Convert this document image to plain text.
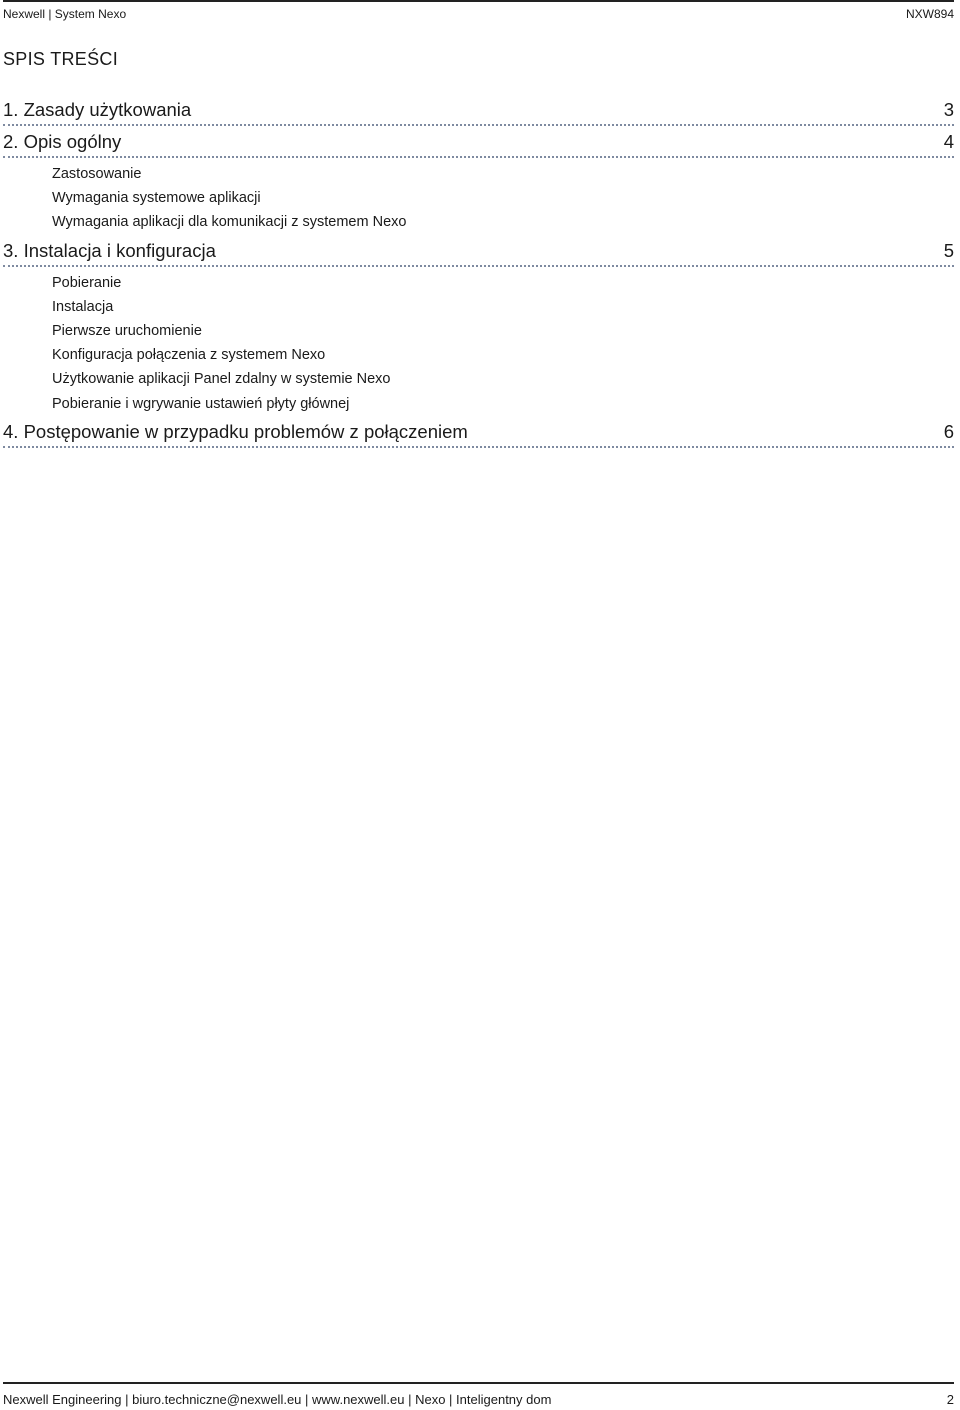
Nexwell | System Nexo	NXW894
SPIS TREŚCI
1. Zasady użytkowania	3
2. Opis ogólny	4
Zastosowanie
Wymagania systemowe aplikacji
Wymagania aplikacji dla komunikacji z systemem Nexo
3. Instalacja i konfiguracja	5
Pobieranie
Instalacja
Pierwsze uruchomienie
Konfiguracja połączenia z systemem Nexo
Użytkowanie aplikacji Panel zdalny w systemie Nexo
Pobieranie i wgrywanie ustawień płyty głównej
4. Postępowanie w przypadku problemów z połączeniem	6
Nexwell Engineering | biuro.techniczne@nexwell.eu | www.nexwell.eu | Nexo | Inteligentny dom	2
